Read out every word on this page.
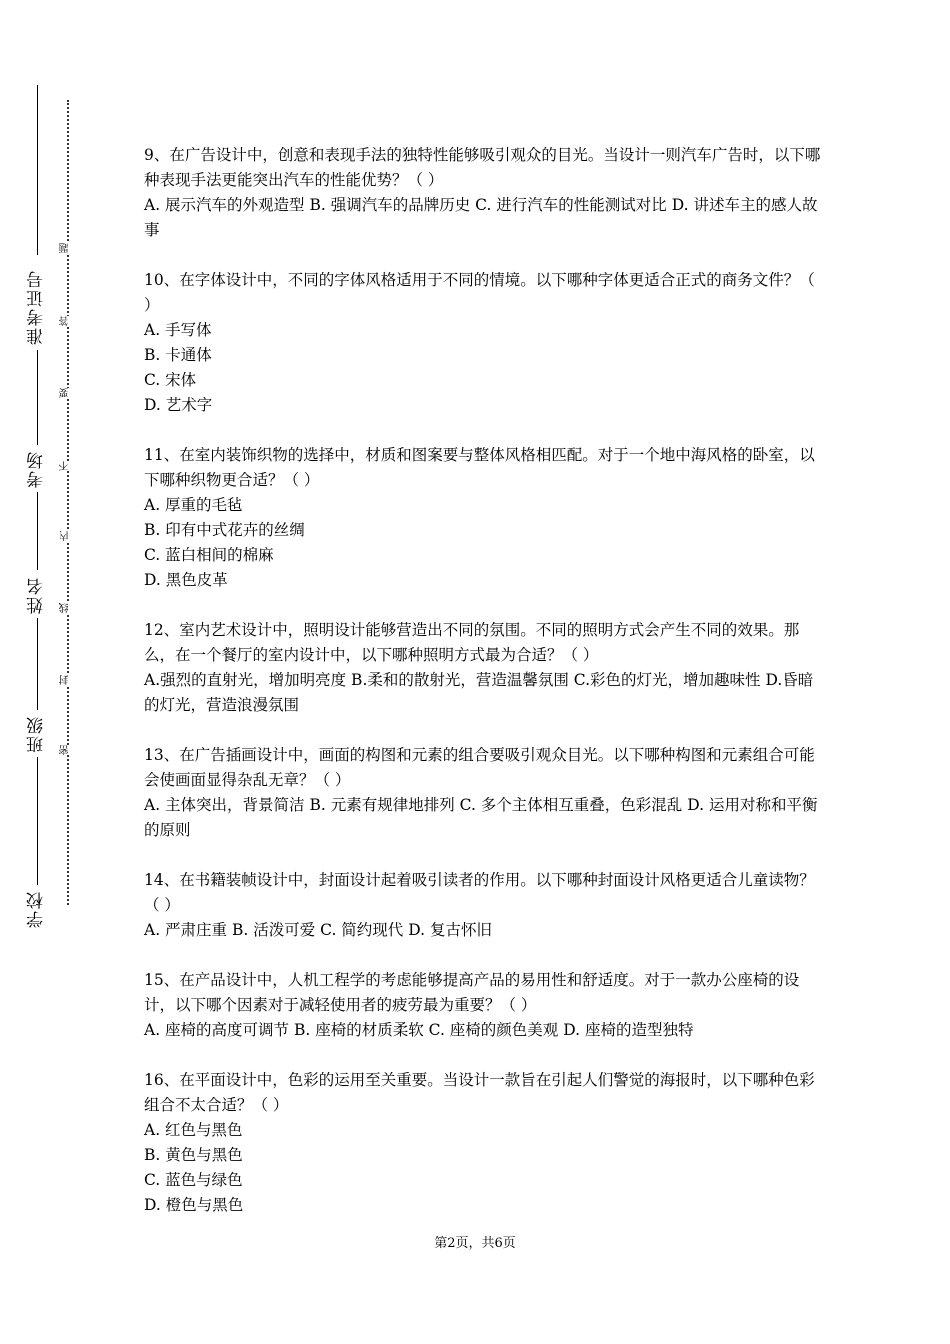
准考证号
考场
姓名
班级
学校
题
答
要
不
内
线
封
密

9、在广告设计中，创意和表现手法的独特性能够吸引观众的目光。当设计一则汽车广告时，以下哪种表现手法更能突出汽车的性能优势？（ ）

A. 展示汽车的外观造型 B. 强调汽车的品牌历史 C. 进行汽车的性能测试对比 D. 讲述车主的感人故事

10、在字体设计中，不同的字体风格适用于不同的情境。以下哪种字体更适合正式的商务文件？（ ）

A. 手写体
B. 卡通体
C. 宋体
D. 艺术字

11、在室内装饰织物的选择中，材质和图案要与整体风格相匹配。对于一个地中海风格的卧室，以下哪种织物更合适？（ ）

A. 厚重的毛毡
B. 印有中式花卉的丝绸
C. 蓝白相间的棉麻
D. 黑色皮革

12、室内艺术设计中，照明设计能够营造出不同的氛围。不同的照明方式会产生不同的效果。那么，在一个餐厅的室内设计中，以下哪种照明方式最为合适？（ ）

A.强烈的直射光，增加明亮度 B.柔和的散射光，营造温馨氛围 C.彩色的灯光，增加趣味性 D.昏暗的灯光，营造浪漫氛围

13、在广告插画设计中，画面的构图和元素的组合要吸引观众目光。以下哪种构图和元素组合可能会使画面显得杂乱无章？（ ）

A. 主体突出，背景简洁 B. 元素有规律地排列 C. 多个主体相互重叠，色彩混乱 D. 运用对称和平衡的原则

14、在书籍装帧设计中，封面设计起着吸引读者的作用。以下哪种封面设计风格更适合儿童读物？（ ）

A. 严肃庄重 B. 活泼可爱 C. 简约现代 D. 复古怀旧

15、在产品设计中，人机工程学的考虑能够提高产品的易用性和舒适度。对于一款办公座椅的设计，以下哪个因素对于减轻使用者的疲劳最为重要？（ ）

A. 座椅的高度可调节 B. 座椅的材质柔软 C. 座椅的颜色美观 D. 座椅的造型独特

16、在平面设计中，色彩的运用至关重要。当设计一款旨在引起人们警觉的海报时，以下哪种色彩组合不太合适？（ ）

A. 红色与黑色
B. 黄色与黑色
C. 蓝色与绿色
D. 橙色与黑色
第2页，共6页
